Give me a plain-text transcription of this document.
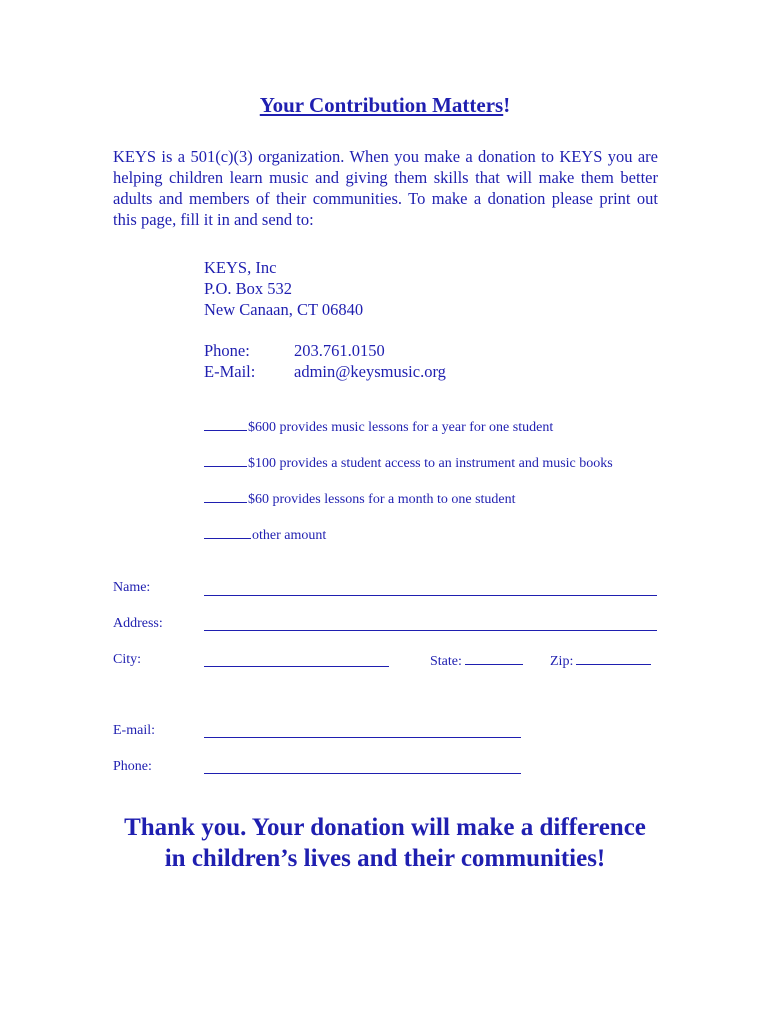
Your Contribution Matters!
KEYS is a 501(c)(3) organization. When you make a donation to KEYS you are helping children learn music and giving them skills that will make them better adults and members of their communities. To make a donation please print out this page, fill it in and send to:
KEYS, Inc
P.O. Box 532
New Canaan, CT 06840
Phone:	203.761.0150
E-Mail: admin@keysmusic.org
$600 provides music lessons for a year for one student
$100 provides a student access to an instrument and music books
$60 provides lessons for a month to one student
other amount
Name:
Address:
City:	State:	Zip:
E-mail:
Phone:
Thank you. Your donation will make a difference
in children’s lives and their communities!
